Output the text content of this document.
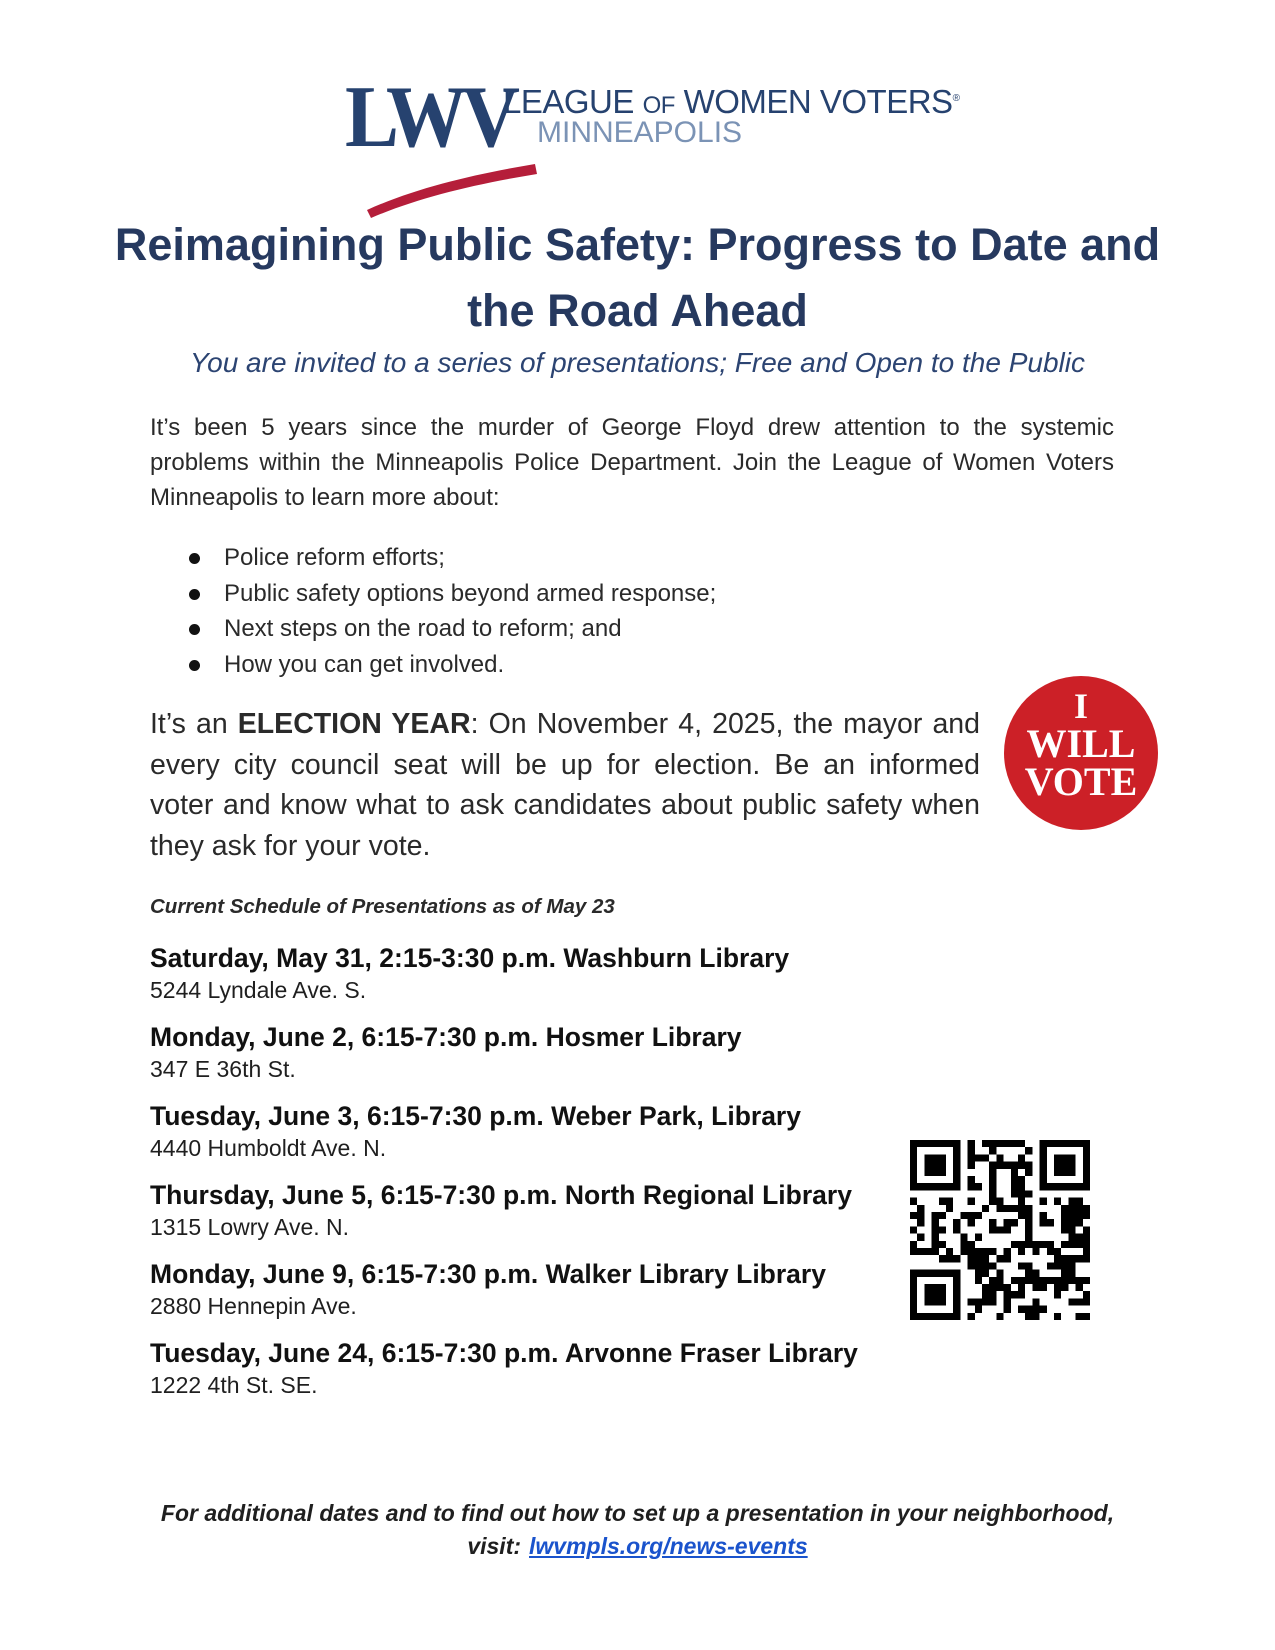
LWV
LEAGUE OF WOMEN VOTERS®
MINNEAPOLIS
Reimagining Public Safety: Progress to Date and the Road Ahead

You are invited to a series of presentations; Free and Open to the Public

It’s been 5 years since the murder of George Floyd drew attention to the systemic problems within the Minneapolis Police Department. Join the League of Women Voters Minneapolis to learn more about:

Police reform efforts;
Public safety options beyond armed response;
Next steps on the road to reform; and
How you can get involved.

It’s an ELECTION YEAR: On November 4, 2025, the mayor and every city council seat will be up for election. Be an informed voter and know what to ask candidates about public safety when they ask for your vote.

I
WILL
VOTE

Current Schedule of Presentations as of May 23

Saturday, May 31, 2:15-3:30 p.m. Washburn Library
5244 Lyndale Ave. S.
Monday, June 2, 6:15-7:30 p.m. Hosmer Library
347 E 36th St.
Tuesday, June 3, 6:15-7:30 p.m. Weber Park, Library
4440 Humboldt Ave. N.
Thursday, June 5, 6:15-7:30 p.m. North Regional Library
1315 Lowry Ave. N.
Monday, June 9, 6:15-7:30 p.m. Walker Library Library
2880 Hennepin Ave.
Tuesday, June 24, 6:15-7:30 p.m. Arvonne Fraser Library
1222 4th St. SE.

For additional dates and to find out how to set up a presentation in your neighborhood, visit: lwvmpls.org/news-events
